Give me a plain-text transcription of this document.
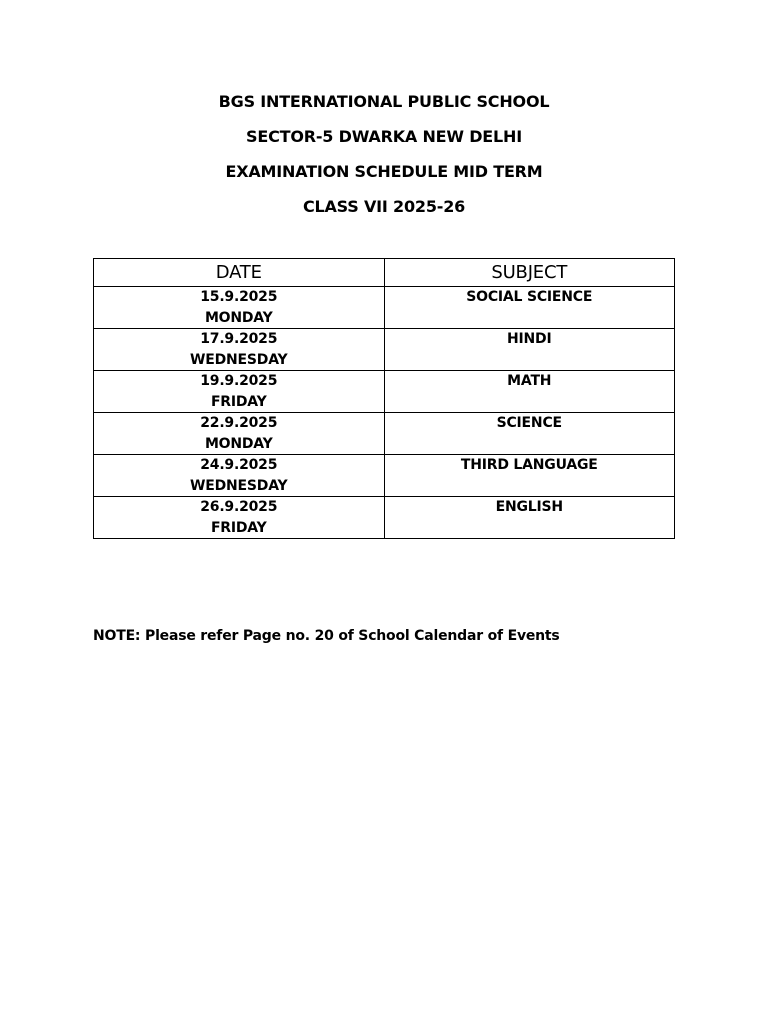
BGS INTERNATIONAL PUBLIC SCHOOL
SECTOR-5 DWARKA NEW DELHI
EXAMINATION SCHEDULE MID TERM
CLASS VII 2025-26
DATE	SUBJECT

15.9.2025
MONDAY	SOCIAL SCIENCE

17.9.2025
WEDNESDAY	HINDI

19.9.2025
FRIDAY	MATH

22.9.2025
MONDAY	SCIENCE

24.9.2025
WEDNESDAY	THIRD LANGUAGE

26.9.2025
FRIDAY	ENGLISH
NOTE: Please refer Page no. 20 of School Calendar of Events
